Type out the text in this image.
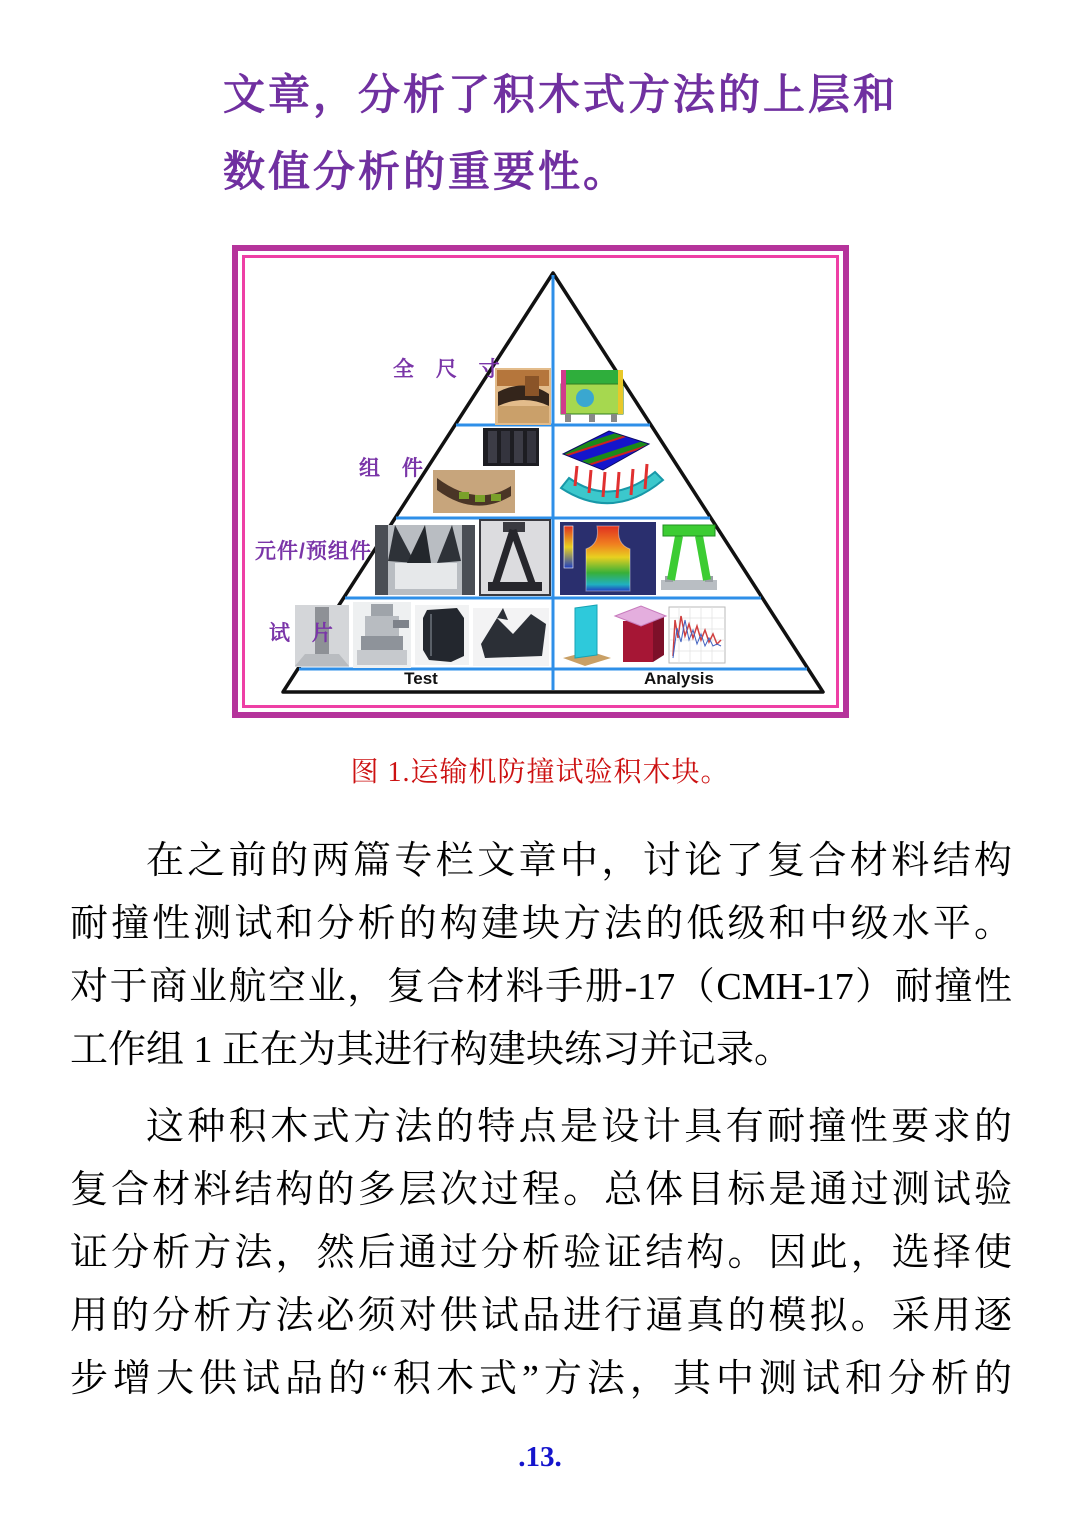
文章，分析了积木式方法的上层和
数值分析的重要性。
全 尺 寸
组 件
元件/预组件
试 片
Test	Analysis
图 1.运输机防撞试验积木块。
在之前的两篇专栏文章中，讨论了复合材料结构
耐撞性测试和分析的构建块方法的低级和中级水平。
对于商业航空业，复合材料手册-17（CMH-17）耐撞性
工作组 1 正在为其进行构建块练习并记录。
这种积木式方法的特点是设计具有耐撞性要求的
复合材料结构的多层次过程。总体目标是通过测试验
证分析方法，然后通过分析验证结构。因此，选择使
用的分析方法必须对供试品进行逼真的模拟。采用逐
步增大供试品的“积木式”方法，其中测试和分析的
.13.
